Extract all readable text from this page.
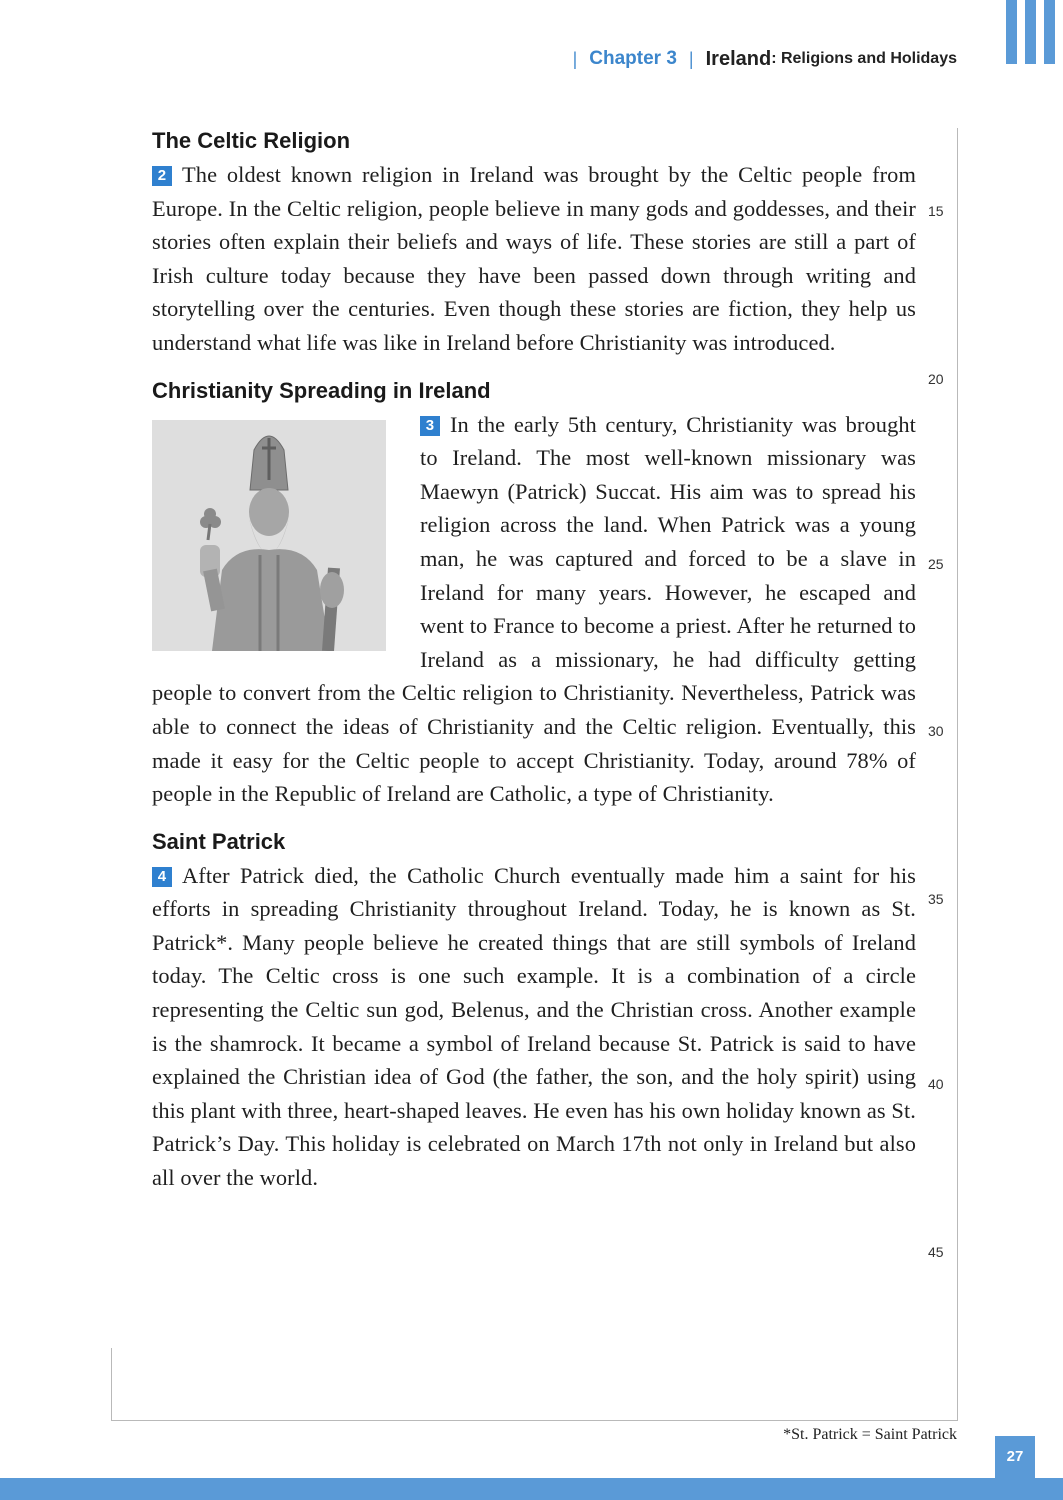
| Chapter 3 | Ireland : Religions and Holidays
The Celtic Religion

2 The oldest known religion in Ireland was brought by the Celtic people from Europe. In the Celtic religion, people believe in many gods and goddesses, and their stories often explain their beliefs and ways of life. These stories are still a part of Irish culture today because they have been passed down through writing and storytelling over the centuries. Even though these stories are fiction, they help us understand what life was like in Ireland before Christianity was introduced.

Christianity Spreading in Ireland

3 In the early 5th century, Christianity was brought to Ireland. The most well-known missionary was Maewyn (Patrick) Succat. His aim was to spread his religion across the land. When Patrick was a young man, he was captured and forced to be a slave in Ireland for many years. However, he escaped and went to France to become a priest. After he returned to Ireland as a missionary, he had difficulty getting people to convert from the Celtic religion to Christianity. Nevertheless, Patrick was able to connect the ideas of Christianity and the Celtic religion. Eventually, this made it easy for the Celtic people to accept Christianity. Today, around 78% of people in the Republic of Ireland are Catholic, a type of Christianity.

Saint Patrick

4 After Patrick died, the Catholic Church eventually made him a saint for his efforts in spreading Christianity throughout Ireland. Today, he is known as St. Patrick*. Many people believe he created things that are still symbols of Ireland today. The Celtic cross is one such example. It is a combination of a circle representing the Celtic sun god, Belenus, and the Christian cross. Another example is the shamrock. It became a symbol of Ireland because St. Patrick is said to have explained the Christian idea of God (the father, the son, and the holy spirit) using this plant with three, heart-shaped leaves. He even has his own holiday known as St. Patrick’s Day. This holiday is celebrated on March 17th not only in Ireland but also all over the world.

15
20
25
30
35
40
45
*St. Patrick = Saint Patrick
27
